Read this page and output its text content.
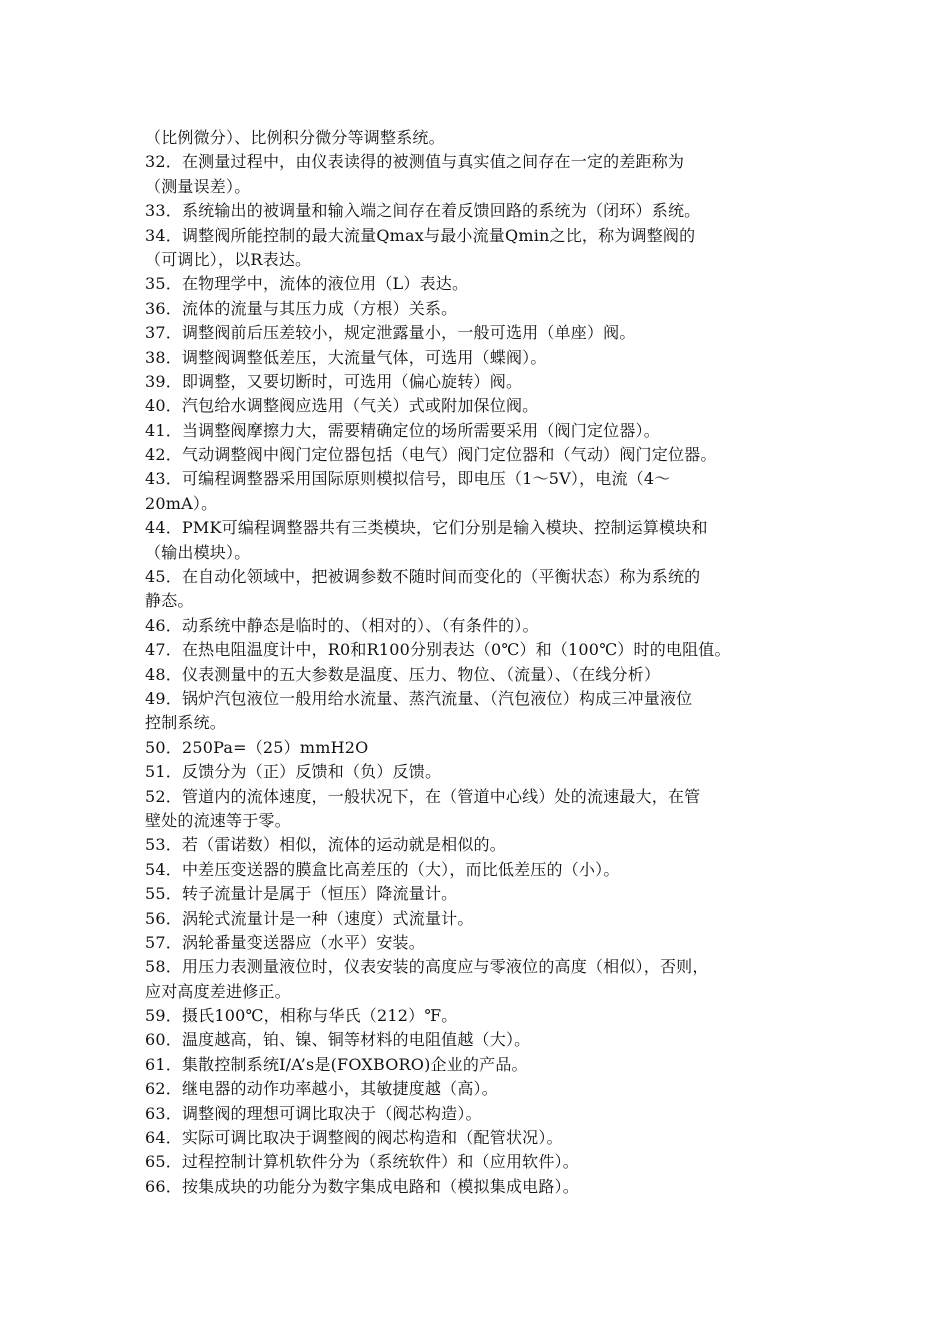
（比例微分）、比例积分微分等调整系统。
32．在测量过程中，由仪表读得的被测值与真实值之间存在一定的差距称为
（测量误差）。
33．系统输出的被调量和输入端之间存在着反馈回路的系统为（闭环）系统。
34．调整阀所能控制的最大流量Qmax与最小流量Qmin之比，称为调整阀的
（可调比），以R表达。
35．在物理学中，流体的液位用（L）表达。
36．流体的流量与其压力成（方根）关系。
37．调整阀前后压差较小，规定泄露量小，一般可选用（单座）阀。
38．调整阀调整低差压，大流量气体，可选用（蝶阀）。
39．即调整，又要切断时，可选用（偏心旋转）阀。
40．汽包给水调整阀应选用（气关）式或附加保位阀。
41．当调整阀摩擦力大，需要精确定位的场所需要采用（阀门定位器）。
42．气动调整阀中阀门定位器包括（电气）阀门定位器和（气动）阀门定位器。
43．可编程调整器采用国际原则模拟信号，即电压（1～5V），电流（4～
20mA）。
44．PMK可编程调整器共有三类模块，它们分别是输入模块、控制运算模块和
（输出模块）。
45．在自动化领域中，把被调参数不随时间而变化的（平衡状态）称为系统的
静态。
46．动系统中静态是临时的、（相对的）、（有条件的）。
47．在热电阻温度计中，R0和R100分别表达（0℃）和（100℃）时的电阻值。
48．仪表测量中的五大参数是温度、压力、物位、（流量）、（在线分析）
49．锅炉汽包液位一般用给水流量、蒸汽流量、（汽包液位）构成三冲量液位
控制系统。
50．250Pa=（25）mmH2O
51．反馈分为（正）反馈和（负）反馈。
52．管道内的流体速度，一般状况下，在（管道中心线）处的流速最大，在管
壁处的流速等于零。
53．若（雷诺数）相似，流体的运动就是相似的。
54．中差压变送器的膜盒比高差压的（大），而比低差压的（小）。
55．转子流量计是属于（恒压）降流量计。
56．涡轮式流量计是一种（速度）式流量计。
57．涡轮番量变送器应（水平）安装。
58．用压力表测量液位时，仪表安装的高度应与零液位的高度（相似），否则，
应对高度差进修正。
59．摄氏100℃，相称与华氏（212）℉。
60．温度越高，铂、镍、铜等材料的电阻值越（大）。
61．集散控制系统I/A’s是(FOXBORO)企业的产品。
62．继电器的动作功率越小，其敏捷度越（高）。
63．调整阀的理想可调比取决于（阀芯构造）。
64．实际可调比取决于调整阀的阀芯构造和（配管状况）。
65．过程控制计算机软件分为（系统软件）和（应用软件）。
66．按集成块的功能分为数字集成电路和（模拟集成电路）。
